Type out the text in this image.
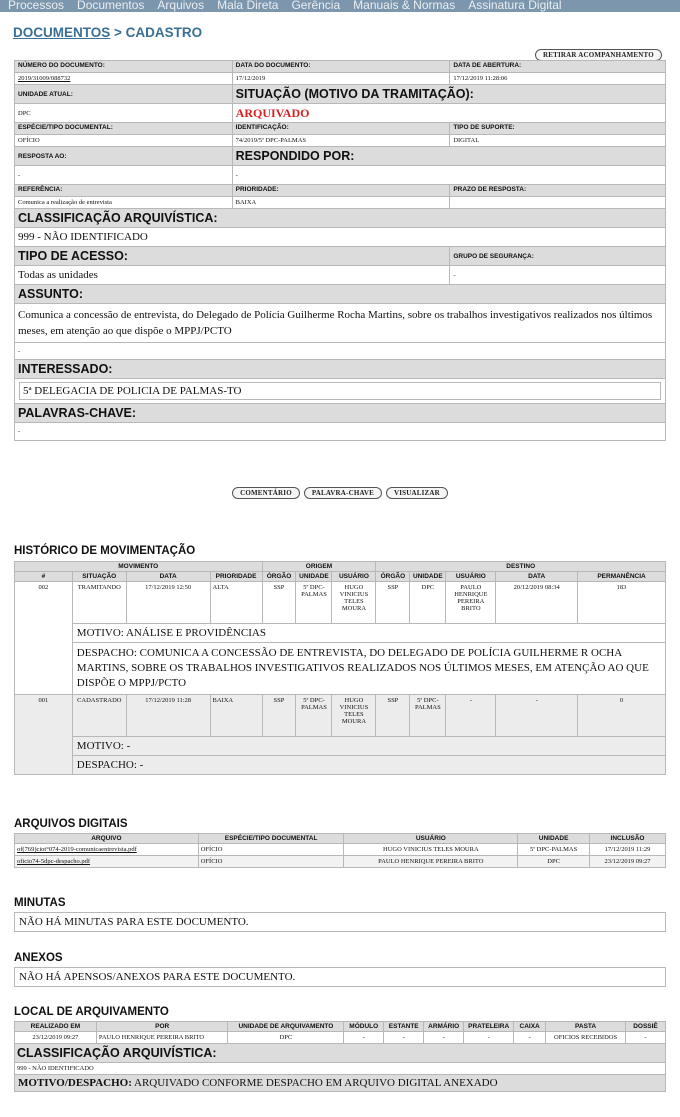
$^{Processos}$ $^{Documentos}$ $^{Arquivos}$ $^{Mala Direta}$ $^{Gerência}$ $^{Manuais \& Normas}$ $^{Assinatura Digital}$
DOCUMENTOS > CADASTRO
RETIRAR ACOMPANHAMENTO
NÚMERO DO DOCUMENTO:	DATA DO DOCUMENTO:	DATA DE ABERTURA:
2019/31009/088732	17/12/2019	17/12/2019 11:28:06
UNIDADE ATUAL:	SITUAÇÃO (MOTIVO DA TRAMITAÇÃO):	
DPC	ARQUIVADO	
ESPÉCIE/TIPO DOCUMENTAL:	IDENTIFICAÇÃO:	TIPO DE SUPORTE:
OFÍCIO	74/2019/5ª DPC-PALMAS	DIGITAL
RESPOSTA AO:	RESPONDIDO POR:	
-	-	
REFERÊNCIA:	PRIORIDADE:	PRAZO DE RESPOSTA:
Comunica a realização de entrevista	BAIXA	
CLASSIFICAÇÃO ARQUIVÍSTICA:		
999 - NÃO IDENTIFICADO		
TIPO DE ACESSO:		GRUPO DE SEGURANÇA:
Todas as unidades		-
ASSUNTO:		
Comunica a concessão de entrevista, do Delegado de Polícia Guilherme Rocha Martins, sobre os trabalhos investigativos realizados nos últimos meses, em atenção ao que dispõe o MPPJ/PCTO		
-		
INTERESSADO:		

5ª DELEGACIA DE POLICIA DE PALMAS-TO		

PALAVRAS-CHAVE:		
-		
COMENTÁRIO	PALAVRA-CHAVE	VISUALIZAR
HISTÓRICO DE MOVIMENTAÇÃO
MOVIMENTO				ORIGEM			DESTINO				
#	SITUAÇÃO	DATA	PRIORIDADE	ÓRGÃO	UNIDADE	USUÁRIO	ÓRGÃO	UNIDADE	USUÁRIO	DATA	PERMANÊNCIA
002	TRAMITANDO	17/12/2019 12:50	ALTA	SSP	5ª DPC-PALMAS	HUGO VINICIUS TELES MOURA	SSP	DPC	PAULO HENRIQUE PEREIRA BRITO	20/12/2019 08:34	183
	MOTIVO: ANÁLISE E PROVIDÊNCIAS										
	DESPACHO: COMUNICA A CONCESSÃO DE ENTREVISTA, DO DELEGADO DE POLÍCIA GUILHERME R OCHA MARTINS, SOBRE OS TRABALHOS INVESTIGATIVOS REALIZADOS NOS ÚLTIMOS MESES, EM ATENÇÃO AO QUE DISPÕE O MPPJ/PCTO										
001	CADASTRADO	17/12/2019 11:28	BAIXA	SSP	5ª DPC-PALMAS	HUGO VINICIUS TELES MOURA	SSP	5ª DPC-PALMAS	-	-	0
	MOTIVO: -										
	DESPACHO: -										
ARQUIVOS DIGITAIS
ARQUIVO	ESPÉCIE/TIPO DOCUMENTAL	USUÁRIO	UNIDADE	INCLUSÃO
of(769)ciot°074-2019-comunicaentrevista.pdf	OFÍCIO	HUGO VINICIUS TELES MOURA	5ª DPC-PALMAS	17/12/2019 11:29
oficio74-5dpc-despacho.pdf	OFÍCIO	PAULO HENRIQUE PEREIRA BRITO	DPC	23/12/2019 09:27
MINUTAS
NÃO HÁ MINUTAS PARA ESTE DOCUMENTO.
ANEXOS
NÃO HÁ APENSOS/ANEXOS PARA ESTE DOCUMENTO.
LOCAL DE ARQUIVAMENTO
REALIZADO EM	POR	UNIDADE DE ARQUIVAMENTO	MÓDULO	ESTANTE	ARMÁRIO	PRATELEIRA	CAIXA	PASTA	DOSSIÊ
23/12/2019 09:27	PAULO HENRIQUE PEREIRA BRITO	DPC	-	-	-	-	-	OFICIOS RECEBIDOS	-
CLASSIFICAÇÃO ARQUIVÍSTICA:									
999 - NÃO IDENTIFICADO									
MOTIVO/DESPACHO: ARQUIVADO CONFORME DESPACHO EM ARQUIVO DIGITAL ANEXADO									
